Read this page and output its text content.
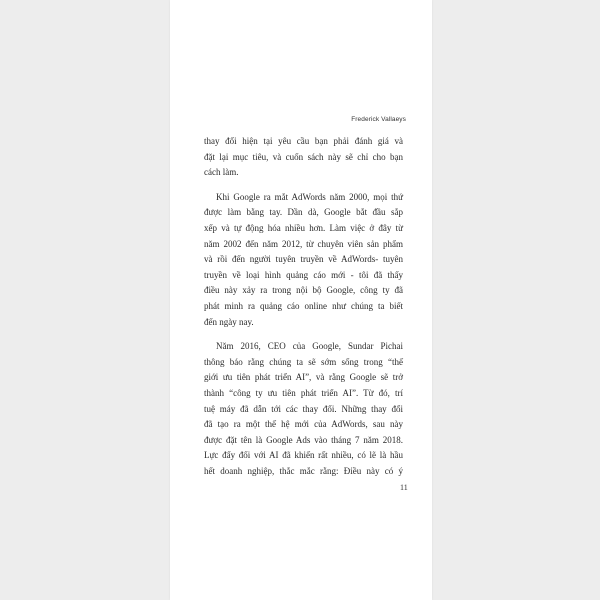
Frederick Vallaeys
thay đổi hiện tại yêu cầu bạn phải đánh giá và
đặt lại mục tiêu, và cuốn sách này sẽ chỉ cho bạn
cách làm.
Khi Google ra mắt AdWords năm 2000, mọi thứ
được làm bằng tay. Dần dà, Google bắt đầu sắp
xếp và tự động hóa nhiều hơn. Làm việc ở đây từ
năm 2002 đến năm 2012, từ chuyên viên sản phẩm
và rồi đến người tuyên truyền về AdWords- tuyên
truyền về loại hình quảng cáo mới - tôi đã thấy
điều này xảy ra trong nội bộ Google, công ty đã
phát minh ra quảng cáo online như chúng ta biết
đến ngày nay.
Năm 2016, CEO của Google, Sundar Pichai
thông báo rằng chúng ta sẽ sớm sống trong “thế
giới ưu tiên phát triển AI”, và rằng Google sẽ trở
thành “công ty ưu tiên phát triển AI”. Từ đó, trí
tuệ máy đã dẫn tới các thay đổi. Những thay đổi
đã tạo ra một thế hệ mới của AdWords, sau này
được đặt tên là Google Ads vào tháng 7 năm 2018.
Lực đẩy đối với AI đã khiến rất nhiều, có lẽ là hầu
hết doanh nghiệp, thắc mắc rằng: Điều này có ý
11
